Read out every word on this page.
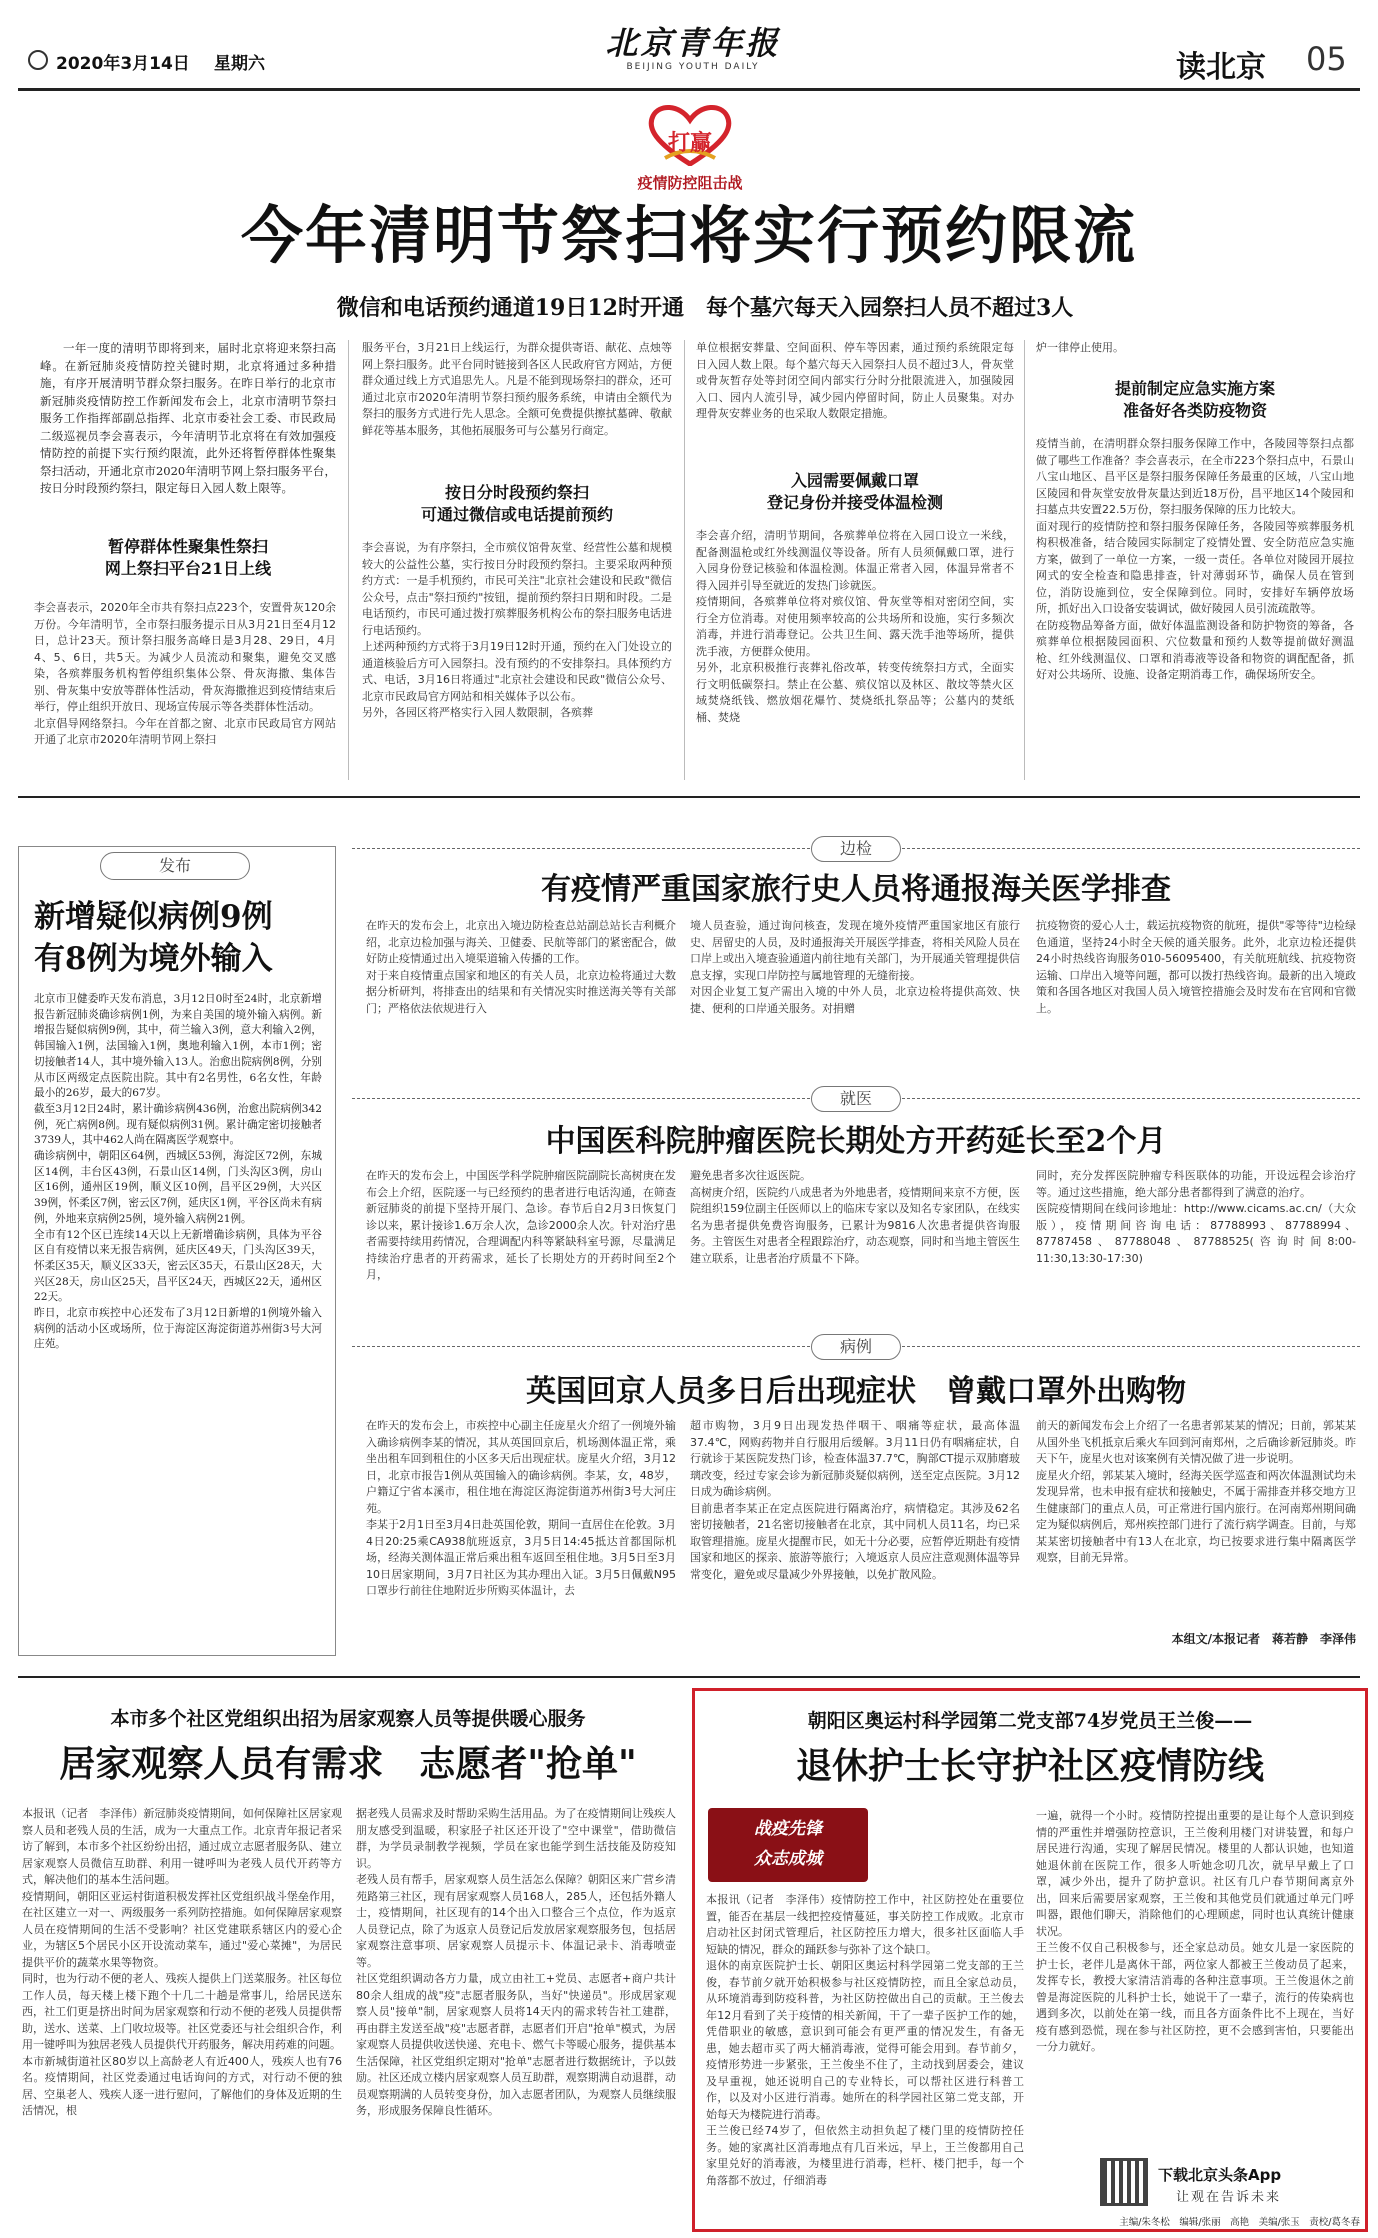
2020年3月14日 星期六
北京青年报
BEIJING YOUTH DAILY	读北京 05
打赢
疫情防控阻击战
今年清明节祭扫将实行预约限流
微信和电话预约通道19日12时开通　每个墓穴每天入园祭扫人员不超过3人
一年一度的清明节即将到来，届时北京将迎来祭扫高峰。在新冠肺炎疫情防控关键时期，北京将通过多种措施，有序开展清明节群众祭扫服务。在昨日举行的北京市新冠肺炎疫情防控工作新闻发布会上，北京市清明节祭扫服务工作指挥部副总指挥、北京市委社会工委、市民政局二级巡视员李会喜表示，今年清明节北京将在有效加强疫情防控的前提下实行预约限流，此外还将暂停群体性聚集祭扫活动，开通北京市2020年清明节网上祭扫服务平台，按日分时段预约祭扫，限定每日入园人数上限等。
暂停群体性聚集性祭扫
网上祭扫平台21日上线
李会喜表示，2020年全市共有祭扫点223个，安置骨灰120余万份。今年清明节，全市祭扫服务提示日从3月21日至4月12日，总计23天。预计祭扫服务高峰日是3月28、29日，4月4、5、6日，共5天。为减少人员流动和聚集，避免交叉感染，各殡葬服务机构暂停组织集体公祭、骨灰海撒、集体告别、骨灰集中安放等群体性活动，骨灰海撒推迟到疫情结束后举行，停止组织开放日、现场宣传展示等各类群体性活动。
北京倡导网络祭扫。今年在首都之窗、北京市民政局官方网站开通了北京市2020年清明节网上祭扫
服务平台，3月21日上线运行，为群众提供寄语、献花、点烛等网上祭扫服务。此平台同时链接到各区人民政府官方网站，方便群众通过线上方式追思先人。凡是不能到现场祭扫的群众，还可通过北京市2020年清明节祭扫预约服务系统，申请由全额代为祭扫的服务方式进行先人思念。全额可免费提供擦拭墓碑、敬献鲜花等基本服务，其他拓展服务可与公墓另行商定。
按日分时段预约祭扫
可通过微信或电话提前预约
李会喜说，为有序祭扫，全市殡仪馆骨灰堂、经营性公墓和规模较大的公益性公墓，实行按日分时段预约祭扫。主要采取两种预约方式：一是手机预约，市民可关注"北京社会建设和民政"微信公众号，点击"祭扫预约"按钮，提前预约祭扫日期和时段。二是电话预约，市民可通过拨打殡葬服务机构公布的祭扫服务电话进行电话预约。
上述两种预约方式将于3月19日12时开通，预约在入门处设立的通道核验后方可入园祭扫。没有预约的不安排祭扫。具体预约方式、电话，3月16日将通过"北京社会建设和民政"微信公众号、北京市民政局官方网站和相关媒体予以公布。
另外，各园区将严格实行入园人数限制，各殡葬
单位根据安葬量、空间面积、停车等因素，通过预约系统限定每日入园人数上限。每个墓穴每天入园祭扫人员不超过3人，骨灰堂或骨灰暂存处等封闭空间内部实行分时分批限流进入，加强陵园入口、园内人流引导，减少园内停留时间，防止人员聚集。对办理骨灰安葬业务的也采取人数限定措施。
入园需要佩戴口罩
登记身份并接受体温检测
李会喜介绍，清明节期间，各殡葬单位将在入园口设立一米线，配备测温枪或红外线测温仪等设备。所有人员须佩戴口罩，进行入园身份登记核验和体温检测。体温正常者入园，体温异常者不得入园并引导至就近的发热门诊就医。
疫情期间，各殡葬单位将对殡仪馆、骨灰堂等相对密闭空间，实行全方位消毒。对使用频率较高的公共场所和设施，实行多频次消毒，并进行消毒登记。公共卫生间、露天洗手池等场所，提供洗手液，方便群众使用。
另外，北京积极推行丧葬礼俗改革，转变传统祭扫方式，全面实行文明低碳祭扫。禁止在公墓、殡仪馆以及林区、散坟等禁火区域焚烧纸钱、燃放烟花爆竹、焚烧纸扎祭品等；公墓内的焚纸桶、焚烧
炉一律停止使用。
提前制定应急实施方案
准备好各类防疫物资
疫情当前，在清明群众祭扫服务保障工作中，各陵园等祭扫点都做了哪些工作准备？李会喜表示，在全市223个祭扫点中，石景山八宝山地区、昌平区是祭扫服务保障任务最重的区域，八宝山地区陵园和骨灰堂安放骨灰量达到近18万份，昌平地区14个陵园和扫墓点共安置22.5万份，祭扫服务保障的压力比较大。
面对现行的疫情防控和祭扫服务保障任务，各陵园等殡葬服务机构积极准备，结合陵园实际制定了疫情处置、安全防范应急实施方案，做到了一单位一方案，一级一责任。各单位对陵园开展拉网式的安全检查和隐患排查，针对薄弱环节，确保人员在管到位，消防设施到位，安全保障到位。同时，安排好车辆停放场所，抓好出入口设备安装调试，做好陵园人员引流疏散等。
在防疫物品筹备方面，做好体温监测设备和防护物资的筹备，各殡葬单位根据陵园面积、穴位数量和预约人数等提前做好测温枪、红外线测温仪、口罩和消毒液等设备和物资的调配配备，抓好对公共场所、设施、设备定期消毒工作，确保场所安全。
发布
新增疑似病例9例
有8例为境外输入
北京市卫健委昨天发布消息，3月12日0时至24时，北京新增报告新冠肺炎确诊病例1例，为来自美国的境外输入病例。新增报告疑似病例9例，其中，荷兰输入3例，意大利输入2例，韩国输入1例，法国输入1例，奥地利输入1例，本市1例；密切接触者14人，其中境外输入13人。治愈出院病例8例，分别从市区两级定点医院出院。其中有2名男性，6名女性，年龄最小的26岁，最大的67岁。
截至3月12日24时，累计确诊病例436例，治愈出院病例342例，死亡病例8例。现有疑似病例31例。累计确定密切接触者3739人，其中462人尚在隔离医学观察中。
确诊病例中，朝阳区64例，西城区53例，海淀区72例，东城区14例，丰台区43例，石景山区14例，门头沟区3例，房山区16例，通州区19例，顺义区10例，昌平区29例，大兴区39例，怀柔区7例，密云区7例，延庆区1例，平谷区尚未有病例，外地来京病例25例，境外输入病例21例。
全市有12个区已连续14天以上无新增确诊病例，具体为平谷区自有疫情以来无报告病例，延庆区49天，门头沟区39天，怀柔区35天，顺义区33天，密云区35天，石景山区28天，大兴区28天，房山区25天，昌平区24天，西城区22天，通州区22天。
昨日，北京市疾控中心还发布了3月12日新增的1例境外输入病例的活动小区或场所，位于海淀区海淀街道苏州街3号大河庄苑。
边检
有疫情严重国家旅行史人员将通报海关医学排查
在昨天的发布会上，北京出入境边防检查总站副总站长吉利概介绍，北京边检加强与海关、卫健委、民航等部门的紧密配合，做好防止疫情通过出入境渠道输入传播的工作。
对于来自疫情重点国家和地区的有关人员，北京边检将通过大数据分析研判，将排查出的结果和有关情况实时推送海关等有关部门；严格依法依规进行入
境人员查验，通过询问核查，发现在境外疫情严重国家地区有旅行史、居留史的人员，及时通报海关开展医学排查，将相关风险人员在口岸上或出入境查验通道内前往地有关部门，为开展通关管理提供信息支撑，实现口岸防控与属地管理的无缝衔接。
对因企业复工复产需出入境的中外人员，北京边检将提供高效、快捷、便利的口岸通关服务。对捐赠
抗疫物资的爱心人士，载运抗疫物资的航班，提供"零等待"边检绿色通道，坚持24小时全天候的通关服务。此外，北京边检还提供24小时热线咨询服务010-56095400，有关航班航线、抗疫物资运输、口岸出入境等问题，都可以拨打热线咨询。最新的出入境政策和各国各地区对我国人员入境管控措施会及时发布在官网和官微上。
就医
中国医科院肿瘤医院长期处方开药延长至2个月
在昨天的发布会上，中国医学科学院肿瘤医院副院长高树庚在发布会上介绍，医院逐一与已经预约的患者进行电话沟通，在筛查新冠肺炎的前提下坚持开展门、急诊。春节后自2月3日恢复门诊以来，累计接诊1.6万余人次，急诊2000余人次。针对治疗患者需要持续用药情况，合理调配内科等紧缺科室号源，尽量满足持续治疗患者的开药需求，延长了长期处方的开药时间至2个月，
避免患者多次往返医院。
高树庚介绍，医院约八成患者为外地患者，疫情期间来京不方便，医院组织159位副主任医师以上的临床专家以及知名专家团队，在线实名为患者提供免费咨询服务，已累计为9816人次患者提供咨询服务。主管医生对患者全程跟踪治疗，动态观察，同时和当地主管医生建立联系，让患者治疗质量不下降。
同时，充分发挥医院肿瘤专科医联体的功能，开设远程会诊治疗等。通过这些措施，绝大部分患者都得到了满意的治疗。
医院疫情期间在线问诊地址：http://www.cicams.ac.cn/（大众版），疫情期间咨询电话：87788993、87788994、87787458、87788048、87788525(咨询时间8:00-11:30,13:30-17:30)
病例
英国回京人员多日后出现症状　曾戴口罩外出购物
在昨天的发布会上，市疾控中心副主任庞星火介绍了一例境外输入确诊病例李某的情况，其从英国回京后，机场测体温正常，乘坐出租车回到租住的小区多天后出现症状。庞星火介绍，3月12日，北京市报告1例从英国输入的确诊病例。李某，女，48岁，户籍辽宁省本溪市，租住地在海淀区海淀街道苏州街3号大河庄苑。
李某于2月1日至3月4日赴英国伦敦，期间一直居住在伦敦。3月4日20:25乘CA938航班返京，3月5日14:45抵达首都国际机场，经海关测体温正常后乘出租车返回至租住地。3月5日至3月10日居家期间，3月7日社区为其办理出入证。3月5日佩戴N95口罩步行前往住地附近步所购买体温计，去
超市购物，3月9日出现发热伴咽干、咽痛等症状，最高体温37.4℃，网购药物并自行服用后缓解。3月11日仍有咽痛症状，自行就诊于某医院发热门诊，检查体温37.7℃，胸部CT提示双肺磨玻璃改变，经过专家会诊为新冠肺炎疑似病例，送至定点医院。3月12日成为确诊病例。
目前患者李某正在定点医院进行隔离治疗，病情稳定。其涉及62名密切接触者，21名密切接触者在北京，其中同机人员11名，均已采取管理措施。庞星火提醒市民，如无十分必要，应暂停近期赴有疫情国家和地区的探亲、旅游等旅行；入境返京人员应注意观测体温等异常变化，避免或尽量减少外界接触，以免扩散风险。
前天的新闻发布会上介绍了一名患者郭某某的情况；日前，郭某某从国外坐飞机抵京后乘火车回到河南郑州，之后确诊新冠肺炎。昨天下午，庞星火也对该案例有关情况做了进一步说明。
庞星火介绍，郭某某入境时，经海关医学巡查和两次体温测试均未发现异常，也未申报有症状和接触史，不属于需排查并移交地方卫生健康部门的重点人员，可正常进行国内旅行。在河南郑州期间确定为疑似病例后，郑州疾控部门进行了流行病学调查。目前，与郑某某密切接触者中有13人在北京，均已按要求进行集中隔离医学观察，目前无异常。
本组文/本报记者　蒋若静　李泽伟
本市多个社区党组织出招为居家观察人员等提供暖心服务
居家观察人员有需求　志愿者"抢单"
本报讯（记者　李泽伟）新冠肺炎疫情期间，如何保障社区居家观察人员和老残人员的生活，成为一大重点工作。北京青年报记者采访了解到，本市多个社区纷纷出招，通过成立志愿者服务队、建立居家观察人员微信互助群、利用一键呼叫为老残人员代开药等方式，解决他们的基本生活问题。
疫情期间，朝阳区亚运村街道积极发挥社区党组织战斗堡垒作用，在社区建立一对一、两级服务一系列防控措施。如何保障居家观察人员在疫情期间的生活不受影响？社区党建联系辖区内的爱心企业，为辖区5个居民小区开设流动菜车，通过"爱心菜摊"，为居民提供平价的蔬菜水果等物资。
同时，也为行动不便的老人、残疾人提供上门送菜服务。社区每位工作人员，每天楼上楼下跑个十几二十趟是常事儿，给居民送东西，社工们更是挤出时间为居家观察和行动不便的老残人员提供帮助，送水、送菜、上门收垃圾等。社区党委还与社会组织合作，利用一键呼叫为独居老残人员提供代开药服务，解决用药难的问题。
本市新城街道社区80岁以上高龄老人有近400人，残疾人也有76名。疫情期间，社区党委通过电话询问的方式，对行动不便的独居、空巢老人、残疾人逐一进行慰问，了解他们的身体及近期的生活情况，根
据老残人员需求及时帮助采购生活用品。为了在疫情期间让残疾人朋友感受到温暖，积家胫子社区还开设了"空中课堂"，借助微信群，为学员录制教学视频，学员在家也能学到生活技能及防疫知识。
老残人员有帮手，居家观察人员生活怎么保障？朝阳区来广营乡清苑路第三社区，现有居家观察人员168人，285人，还包括外籍人士，疫情期间，社区现有的14个出入口整合三个点位，作为返京人员登记点，除了为返京人员登记后发放居家观察服务包，包括居家观察注意事项、居家观察人员提示卡、体温记录卡、消毒喷壶等。
社区党组织调动各方力量，成立由社工+党员、志愿者+商户共计80余人组成的战"疫"志愿者服务队，当好"快递员"。形成居家观察人员"接单"制，居家观察人员将14天内的需求转告社工建群，再由群主发送至战"疫"志愿者群，志愿者们开启"抢单"模式，为居家观察人员提供收送快递、充电卡、燃气卡等暖心服务，提供基本生活保障，社区党组织定期对"抢单"志愿者进行数据统计，予以鼓励。社区还成立楼内居家观察人员互助群，观察期满自动退群，动员观察期满的人员转变身份，加入志愿者团队，为观察人员继续服务，形成服务保障良性循环。
朝阳区奥运村科学园第二党支部74岁党员王兰俊——
退休护士长守护社区疫情防线
战疫先锋
众志成城
本报讯（记者　李泽伟）疫情防控工作中，社区防控处在重要位置，能否在基层一线把控疫情蔓延，事关防控工作成败。北京市启动社区封闭式管理后，社区防控压力增大，很多社区面临人手短缺的情况，群众的踊跃参与弥补了这个缺口。
退休的南京医院护士长、朝阳区奥运村科学园第二党支部的王兰俊，春节前夕就开始积极参与社区疫情防控，而且全家总动员，从环境消毒到防疫科普，为社区防控做出自己的贡献。王兰俊去年12月看到了关于疫情的相关新闻，干了一辈子医护工作的她，凭借职业的敏感，意识到可能会有更严重的情况发生，有备无患，她去超市买了两大桶消毒液，觉得可能会用到。春节前夕，疫情形势进一步紧张，王兰俊坐不住了，主动找到居委会，建议及早重视，她还说明自己的专业特长，可以帮社区进行科普工作，以及对小区进行消毒。她所在的科学园社区第二党支部，开始每天为楼院进行消毒。
王兰俊已经74岁了，但依然主动担负起了楼门里的疫情防控任务。她的家离社区消毒地点有几百米远，早上，王兰俊都用自己家里兑好的消毒液，为楼里进行消毒，栏杆、楼门把手，每一个角落都不放过，仔细消毒
一遍，就得一个小时。疫情防控提出重要的是让每个人意识到疫情的严重性并增强防控意识，王兰俊利用楼门对讲装置，和每户居民进行沟通，实现了解居民情况。楼里的人都认识她，也知道她退休前在医院工作，很多人听她念叨几次，就早早戴上了口罩，减少外出，提升了防护意识。社区有几户春节期间离京外出，回来后需要居家观察，王兰俊和其他党员们就通过单元门呼叫器，跟他们聊天，消除他们的心理顾虑，同时也认真统计健康状况。
王兰俊不仅自己积极参与，还全家总动员。她女儿是一家医院的护士长，老伴儿是离休干部，两位家人都被王兰俊动员了起来，发挥专长，教授大家清洁消毒的各种注意事项。王兰俊退休之前曾是海淀医院的儿科护士长，她说干了一辈子，流行的传染病也遇到多次，以前处在第一线，而且各方面条件比不上现在，当好疫有感到恐慌，现在参与社区防控，更不会感到害怕，只要能出一分力就好。
下载北京头条App
让观在告诉未来
主编/朱冬松　编辑/张丽　高艳　美编/张玉　责校/葛冬春
